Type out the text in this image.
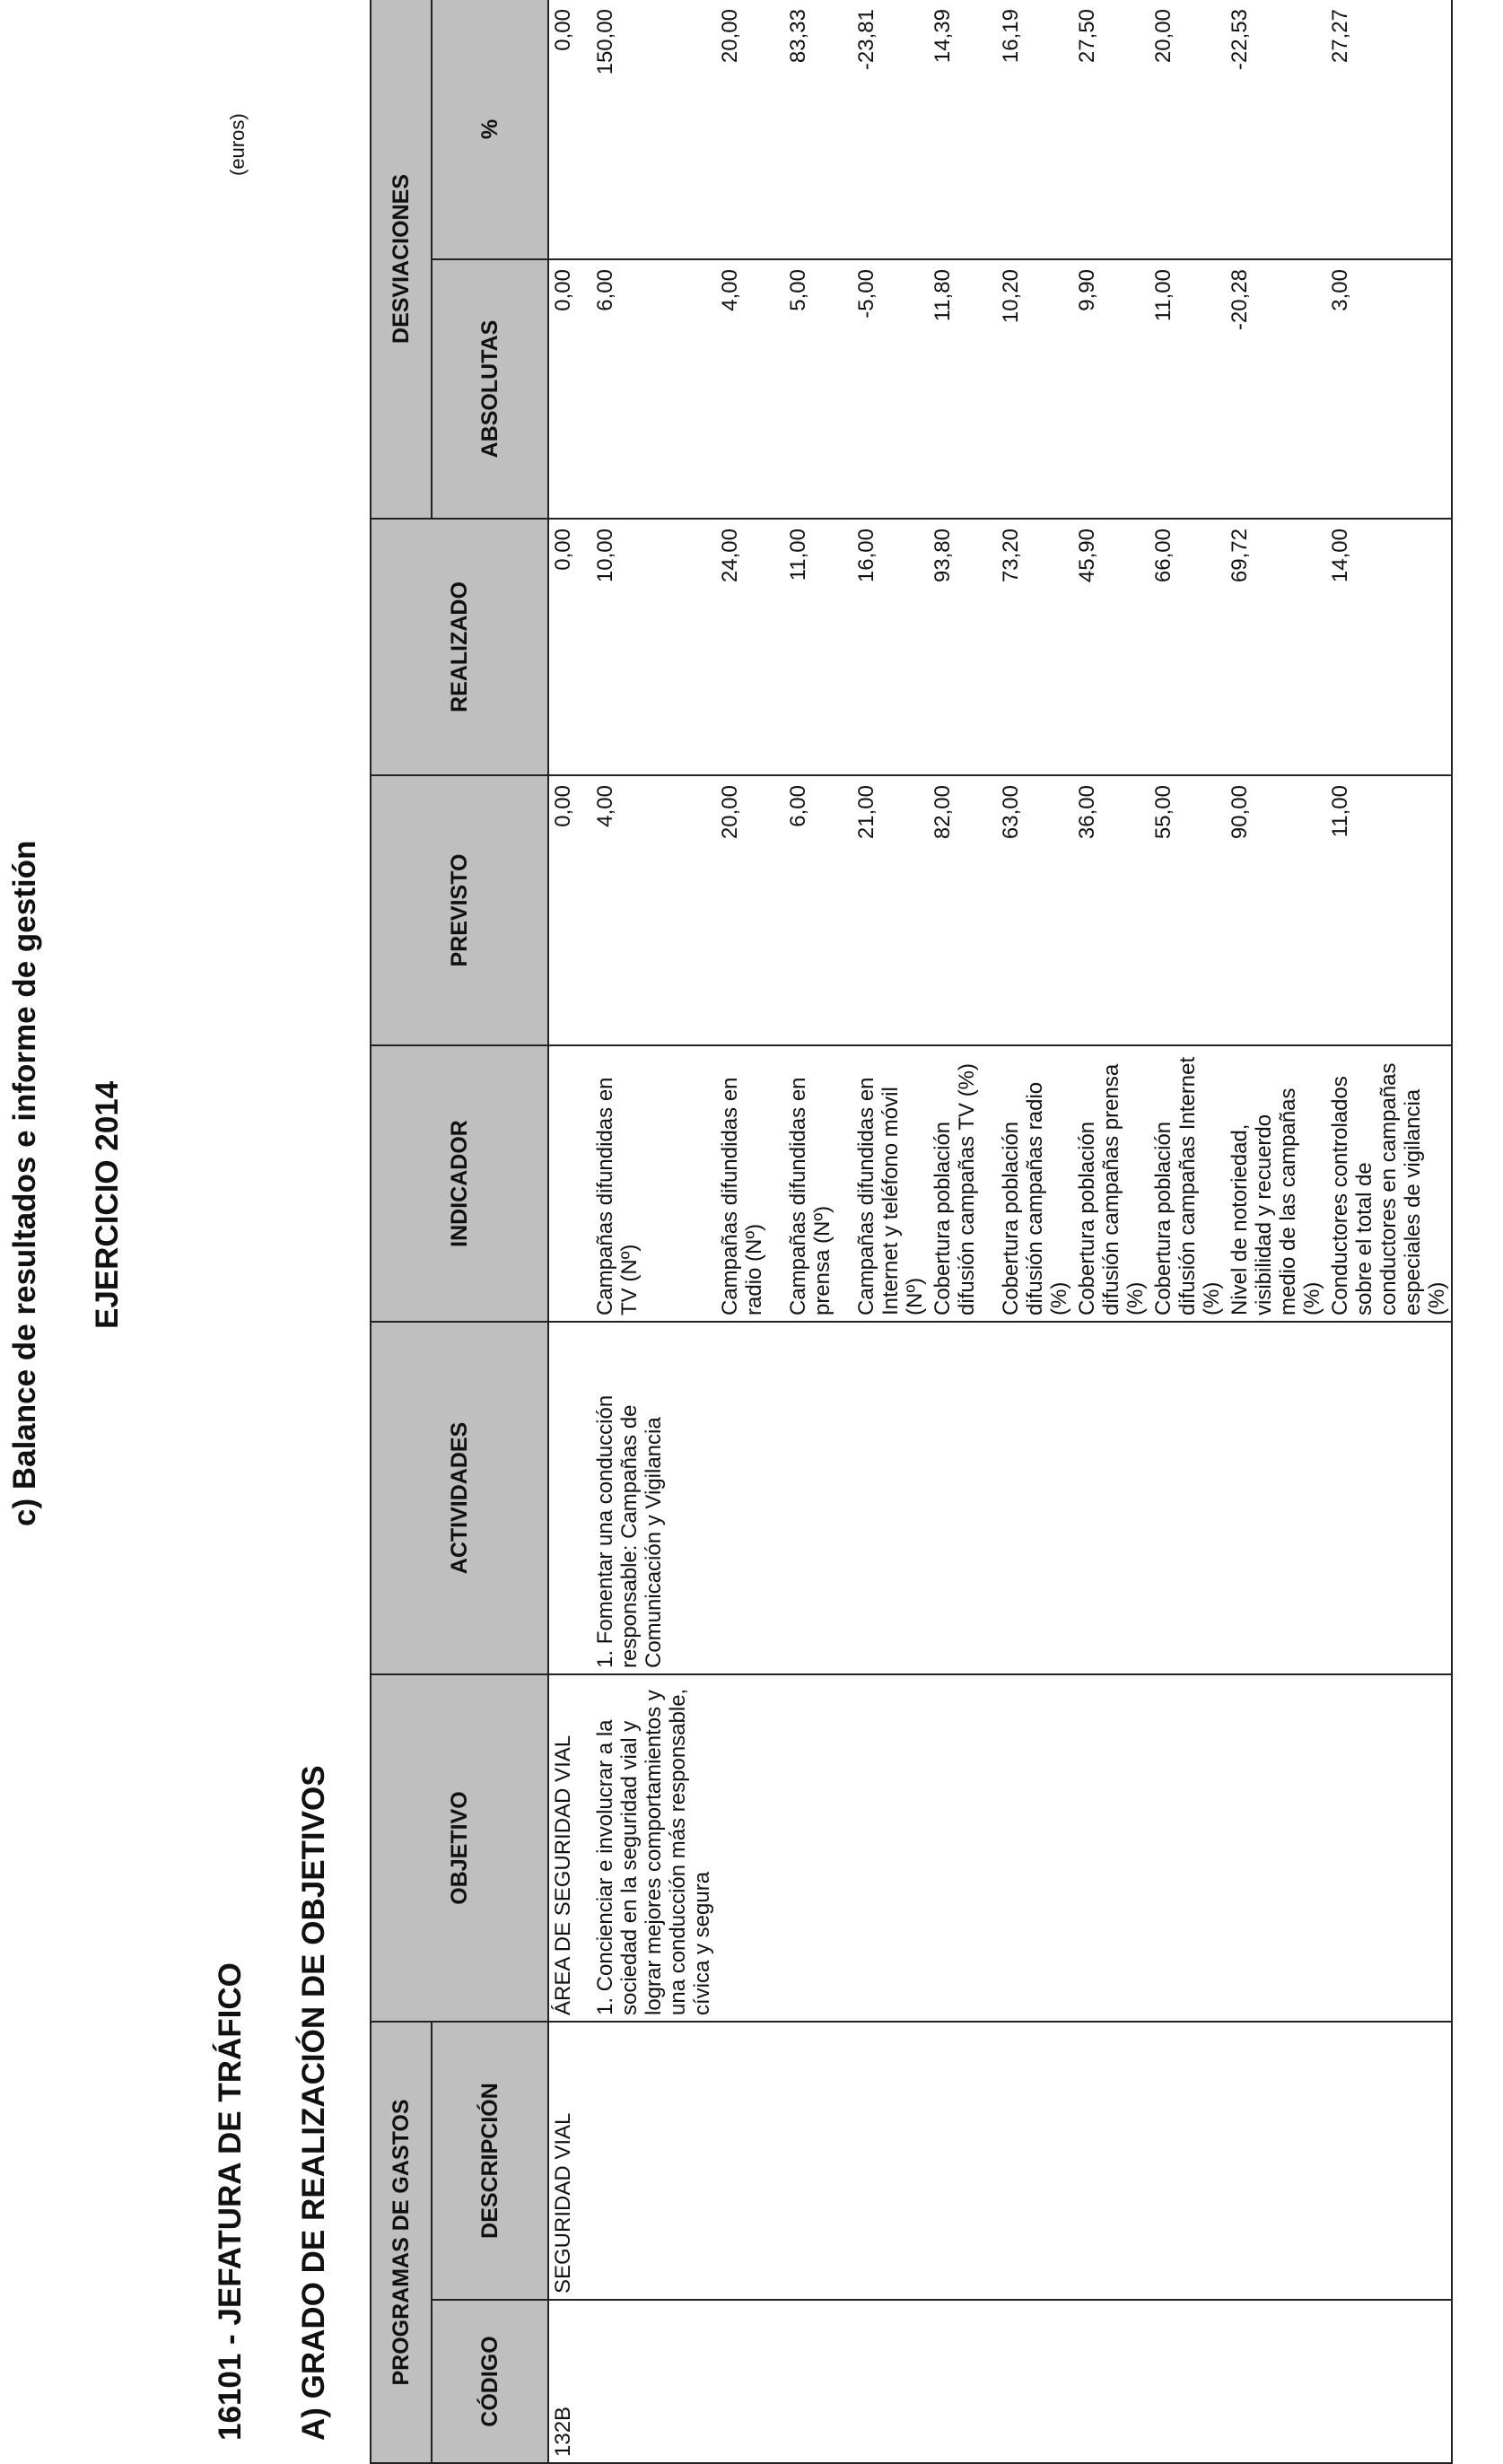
c) Balance de resultados e informe de gestión EJERCICIO 2014
16101 - JEFATURA DE TRÁFICO A) GRADO DE REALIZACIÓN DE OBJETIVOS
(euros)
PROGRAMAS DE GASTOS		OBJETIVO	ACTIVIDADES	INDICADOR	PREVISTO	REALIZADO	DESVIACIONES	
CÓDIGO	DESCRIPCIÓN						ABSOLUTAS	%
132B	SEGURIDAD VIAL	ÁREA DE SEGURIDAD VIAL			0,00	0,00	0,00	0,00
		1. Concienciar e involucrar a la sociedad en la seguridad vial y lograr mejores comportamientos y una conducción más responsable, cívica y segura	1. Fomentar una conducción responsable: Campañas de Comunicación y Vigilancia	Campañas difundidas en TV (Nº)	4,00	10,00	6,00	150,00
				Campañas difundidas en radio (Nº)	20,00	24,00	4,00	20,00
				Campañas difundidas en prensa (Nº)	6,00	11,00	5,00	83,33
				Campañas difundidas en Internet y teléfono móvil (Nº)	21,00	16,00	-5,00	-23,81
				Cobertura población difusión campañas TV (%)	82,00	93,80	11,80	14,39
				Cobertura población difusión campañas radio (%)	63,00	73,20	10,20	16,19
				Cobertura población difusión campañas prensa (%)	36,00	45,90	9,90	27,50
				Cobertura población difusión campañas Internet (%)	55,00	66,00	11,00	20,00
				Nivel de notoriedad, visibilidad y recuerdo medio de las campañas (%)	90,00	69,72	-20,28	-22,53
				Conductores controlados sobre el total de conductores en campañas especiales de vigilancia (%)	11,00	14,00	3,00	27,27
